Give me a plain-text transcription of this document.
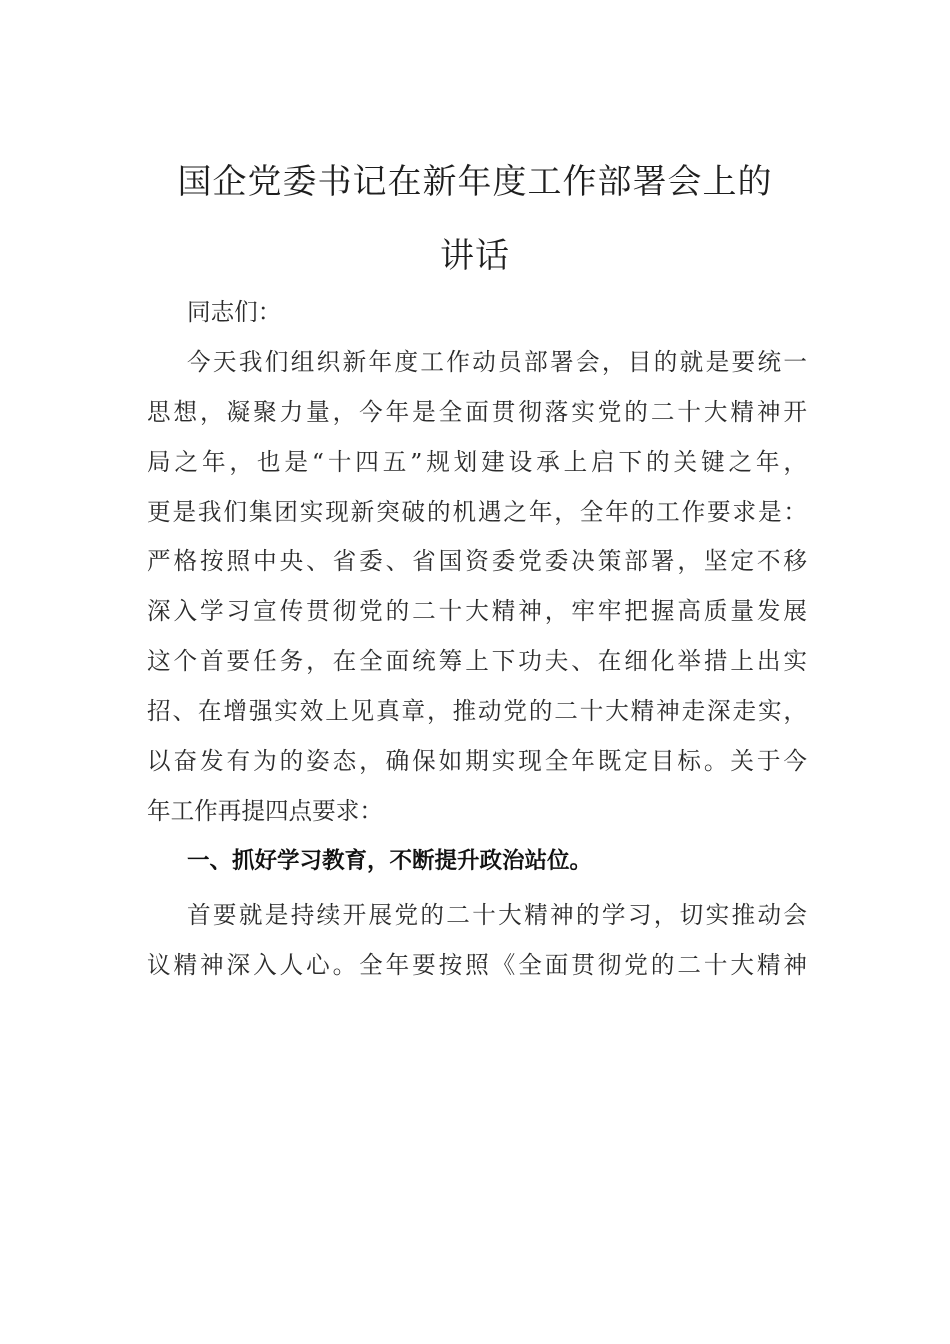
国企党委书记在新年度工作部署会上的
讲话
同志们：
今天我们组织新年度工作动员部署会，目的就是要统一
思想，凝聚力量，今年是全面贯彻落实党的二十大精神开
局之年，也是“十四五”规划建设承上启下的关键之年，
更是我们集团实现新突破的机遇之年，全年的工作要求是：
严格按照中央、省委、省国资委党委决策部署，坚定不移
深入学习宣传贯彻党的二十大精神，牢牢把握高质量发展
这个首要任务，在全面统筹上下功夫、在细化举措上出实
招、在增强实效上见真章，推动党的二十大精神走深走实，
以奋发有为的姿态，确保如期实现全年既定目标。关于今
年工作再提四点要求：
一、抓好学习教育，不断提升政治站位。
首要就是持续开展党的二十大精神的学习，切实推动会
议精神深入人心。全年要按照《全面贯彻党的二十大精神
